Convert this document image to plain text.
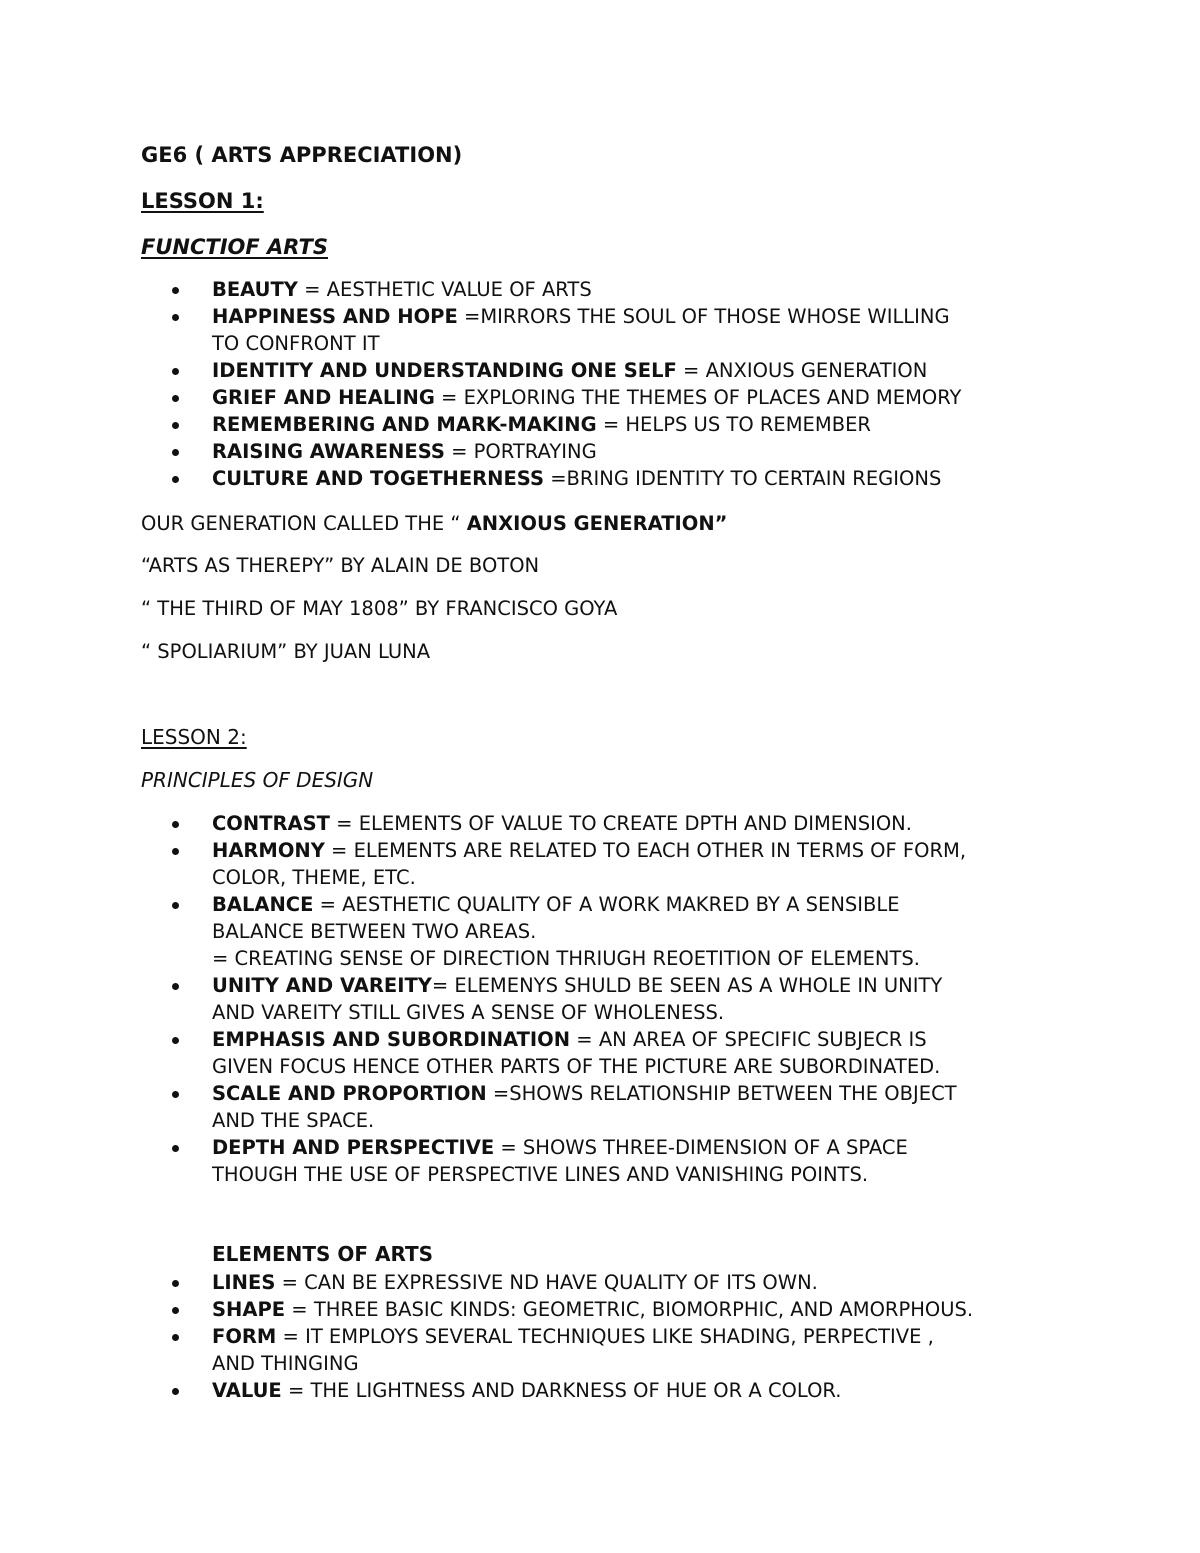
GE6 ( ARTS APPRECIATION)
LESSON 1:
FUNCTIOF ARTS
BEAUTY = AESTHETIC VALUE OF ARTS
HAPPINESS AND HOPE =MIRRORS THE SOUL OF THOSE WHOSE WILLING
TO CONFRONT IT
IDENTITY AND UNDERSTANDING ONE SELF = ANXIOUS GENERATION
GRIEF AND HEALING = EXPLORING THE THEMES OF PLACES AND MEMORY
REMEMBERING AND MARK-MAKING = HELPS US TO REMEMBER
RAISING AWARENESS = PORTRAYING
CULTURE AND TOGETHERNESS =BRING IDENTITY TO CERTAIN REGIONS
OUR GENERATION CALLED THE “ ANXIOUS GENERATION”
“ARTS AS THEREPY” BY ALAIN DE BOTON
“ THE THIRD OF MAY 1808” BY FRANCISCO GOYA
“ SPOLIARIUM” BY JUAN LUNA
LESSON 2:
PRINCIPLES OF DESIGN
CONTRAST = ELEMENTS OF VALUE TO CREATE DPTH AND DIMENSION.
HARMONY = ELEMENTS ARE RELATED TO EACH OTHER IN TERMS OF FORM,
COLOR, THEME, ETC.
BALANCE = AESTHETIC QUALITY OF A WORK MAKRED BY A SENSIBLE
BALANCE BETWEEN TWO AREAS.
= CREATING SENSE OF DIRECTION THRIUGH REOETITION OF ELEMENTS.
UNITY AND VAREITY= ELEMENYS SHULD BE SEEN AS A WHOLE IN UNITY
AND VAREITY STILL GIVES A SENSE OF WHOLENESS.
EMPHASIS AND SUBORDINATION = AN AREA OF SPECIFIC SUBJECR IS
GIVEN FOCUS HENCE OTHER PARTS OF THE PICTURE ARE SUBORDINATED.
SCALE AND PROPORTION =SHOWS RELATIONSHIP BETWEEN THE OBJECT
AND THE SPACE.
DEPTH AND PERSPECTIVE = SHOWS THREE-DIMENSION OF A SPACE
THOUGH THE USE OF PERSPECTIVE LINES AND VANISHING POINTS.
ELEMENTS OF ARTS
LINES = CAN BE EXPRESSIVE ND HAVE QUALITY OF ITS OWN.
SHAPE = THREE BASIC KINDS: GEOMETRIC, BIOMORPHIC, AND AMORPHOUS.
FORM = IT EMPLOYS SEVERAL TECHNIQUES LIKE SHADING, PERPECTIVE ,
AND THINGING
VALUE = THE LIGHTNESS AND DARKNESS OF HUE OR A COLOR.
